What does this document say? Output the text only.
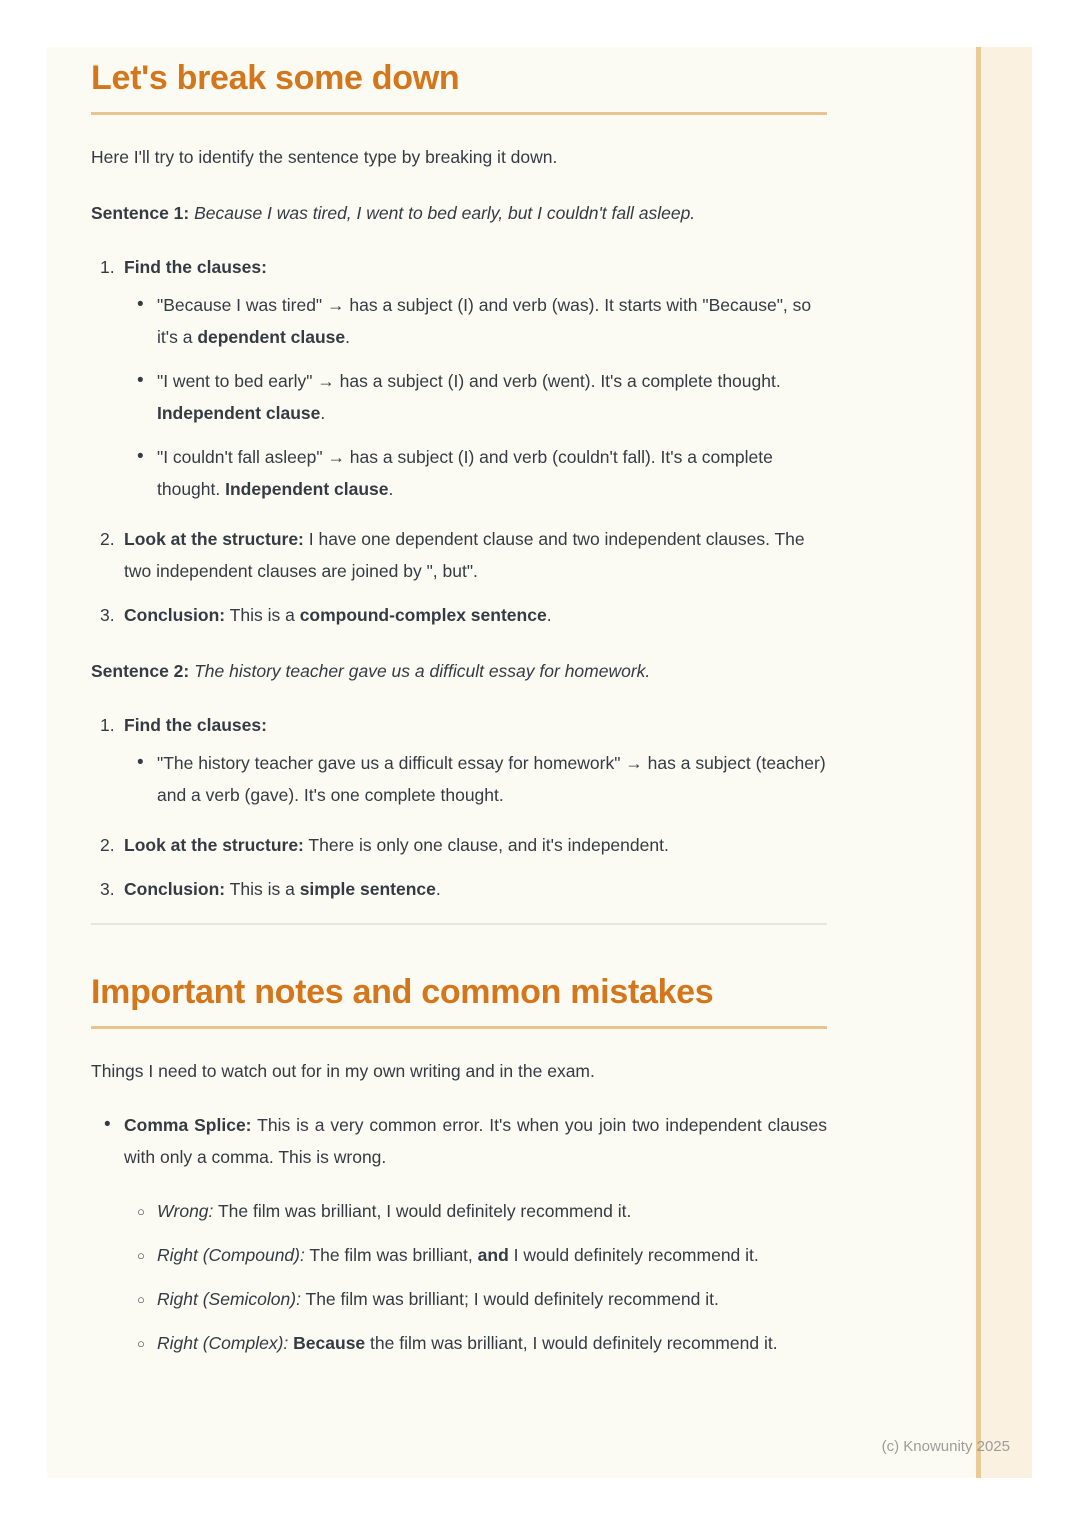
Let's break some down

Here I'll try to identify the sentence type by breaking it down.

Sentence 1: Because I was tired, I went to bed early, but I couldn't fall asleep.

1. Find the clauses:
• "Because I was tired" → has a subject (I) and verb (was). It starts with "Because", so it's a dependent clause.
• "I went to bed early" → has a subject (I) and verb (went). It's a complete thought. Independent clause.
• "I couldn't fall asleep" → has a subject (I) and verb (couldn't fall). It's a complete thought. Independent clause.
2. Look at the structure: I have one dependent clause and two independent clauses. The two independent clauses are joined by ", but".
3. Conclusion: This is a compound-complex sentence.

Sentence 2: The history teacher gave us a difficult essay for homework.

1. Find the clauses:
• "The history teacher gave us a difficult essay for homework" → has a subject (teacher) and a verb (gave). It's one complete thought.
2. Look at the structure: There is only one clause, and it's independent.
3. Conclusion: This is a simple sentence.
Important notes and common mistakes

Things I need to watch out for in my own writing and in the exam.

• Comma Splice: This is a very common error. It's when you join two independent clauses with only a comma. This is wrong.
○ Wrong: The film was brilliant, I would definitely recommend it.
○ Right (Compound): The film was brilliant, and I would definitely recommend it.
○ Right (Semicolon): The film was brilliant; I would definitely recommend it.
○ Right (Complex): Because the film was brilliant, I would definitely recommend it.
(c) Knowunity 2025
